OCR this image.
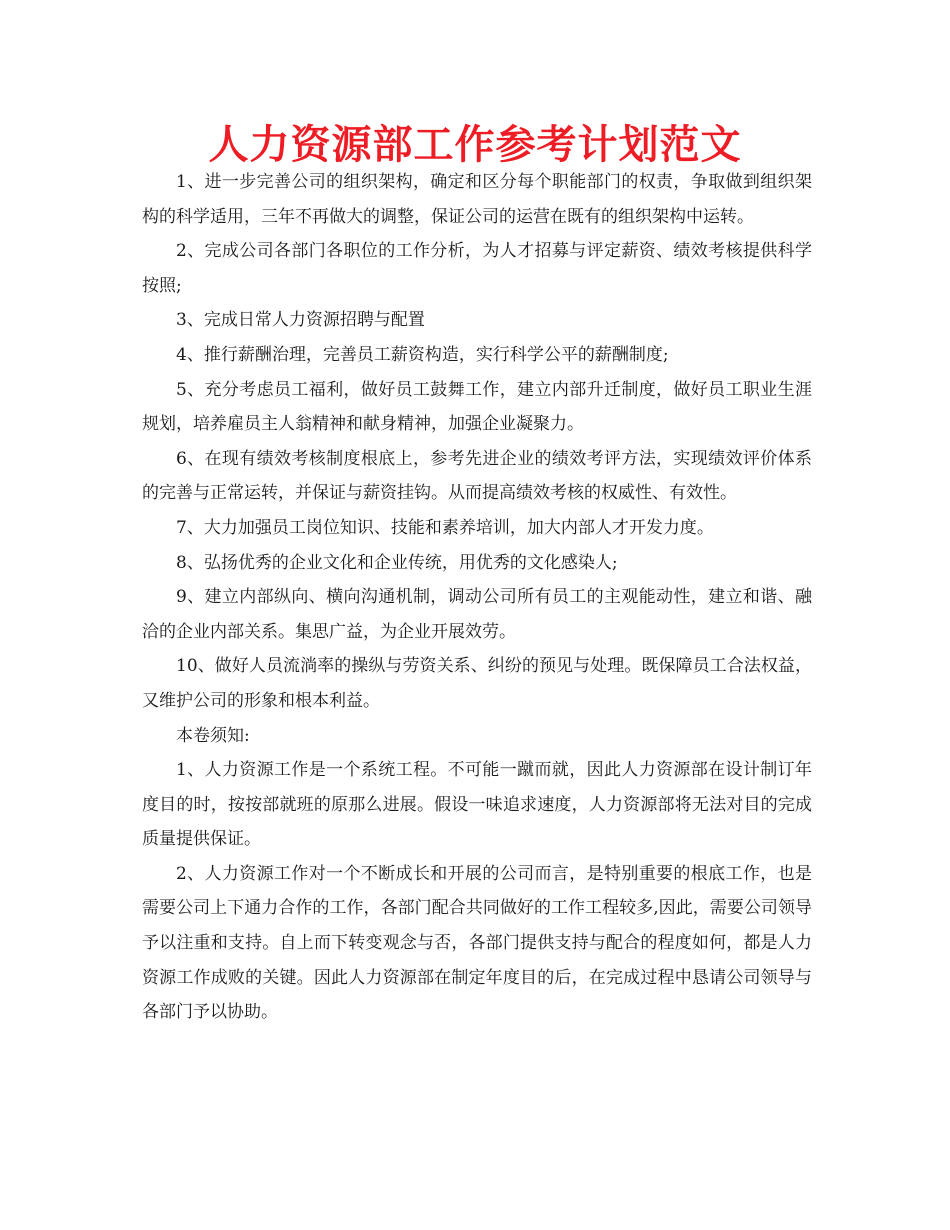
人力资源部工作参考计划范文

1、进一步完善公司的组织架构，确定和区分每个职能部门的权责，争取做到组织架构的科学适用，三年不再做大的调整，保证公司的运营在既有的组织架构中运转。

2、完成公司各部门各职位的工作分析，为人才招募与评定薪资、绩效考核提供科学按照;

3、完成日常人力资源招聘与配置

4、推行薪酬治理，完善员工薪资构造，实行科学公平的薪酬制度;

5、充分考虑员工福利，做好员工鼓舞工作，建立内部升迁制度，做好员工职业生涯规划，培养雇员主人翁精神和献身精神，加强企业凝聚力。

6、在现有绩效考核制度根底上，参考先进企业的绩效考评方法，实现绩效评价体系的完善与正常运转，并保证与薪资挂钩。从而提高绩效考核的权威性、有效性。

7、大力加强员工岗位知识、技能和素养培训，加大内部人才开发力度。

8、弘扬优秀的企业文化和企业传统，用优秀的文化感染人;

9、建立内部纵向、横向沟通机制，调动公司所有员工的主观能动性，建立和谐、融洽的企业内部关系。集思广益，为企业开展效劳。

10、做好人员流淌率的操纵与劳资关系、纠纷的预见与处理。既保障员工合法权益，又维护公司的形象和根本利益。

本卷须知:

1、人力资源工作是一个系统工程。不可能一蹴而就，因此人力资源部在设计制订年度目的时，按按部就班的原那么进展。假设一味追求速度，人力资源部将无法对目的完成质量提供保证。

2、人力资源工作对一个不断成长和开展的公司而言，是特别重要的根底工作，也是需要公司上下通力合作的工作，各部门配合共同做好的工作工程较多,因此，需要公司领导予以注重和支持。自上而下转变观念与否，各部门提供支持与配合的程度如何，都是人力资源工作成败的关键。因此人力资源部在制定年度目的后，在完成过程中恳请公司领导与各部门予以协助。
